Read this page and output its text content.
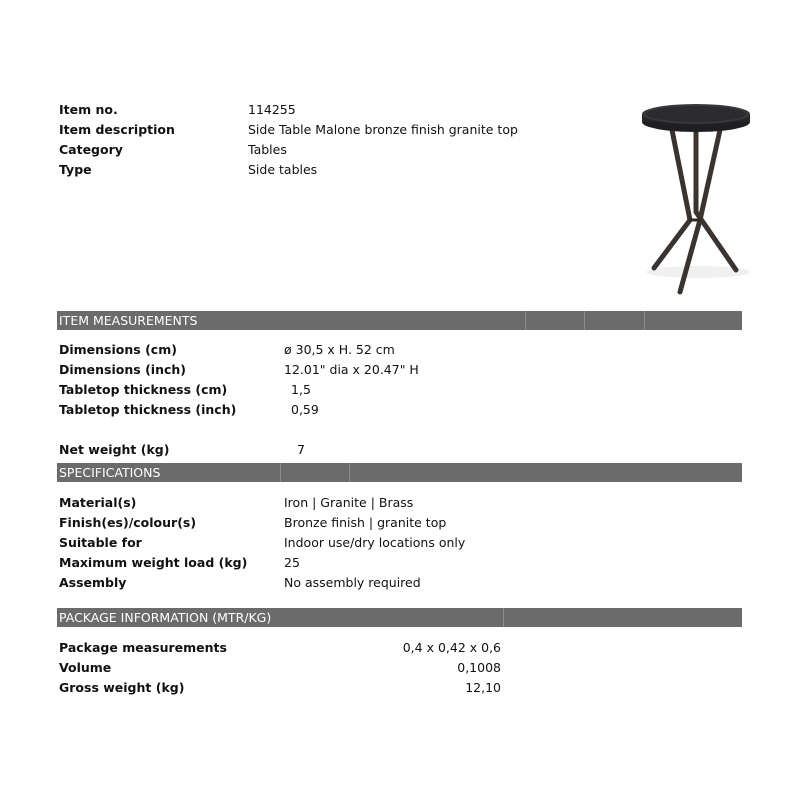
Item no.	114255
Item description	Side Table Malone bronze finish granite top
Category	Tables
Type	Side tables
ITEM MEASUREMENTS
Dimensions (cm)	ø 30,5 x H. 52 cm
Dimensions (inch)	12.01" dia x 20.47" H
Tabletop thickness (cm)	1,5
Tabletop thickness (inch)	0,59
Net weight (kg)	7
SPECIFICATIONS
Material(s)	Iron | Granite | Brass
Finish(es)/colour(s)	Bronze finish | granite top
Suitable for	Indoor use/dry locations only
Maximum weight load (kg)	25
Assembly	No assembly required
PACKAGE INFORMATION (MTR/KG)
Package measurements	0,4 x 0,42 x 0,6
Volume	0,1008
Gross weight (kg)	12,10
